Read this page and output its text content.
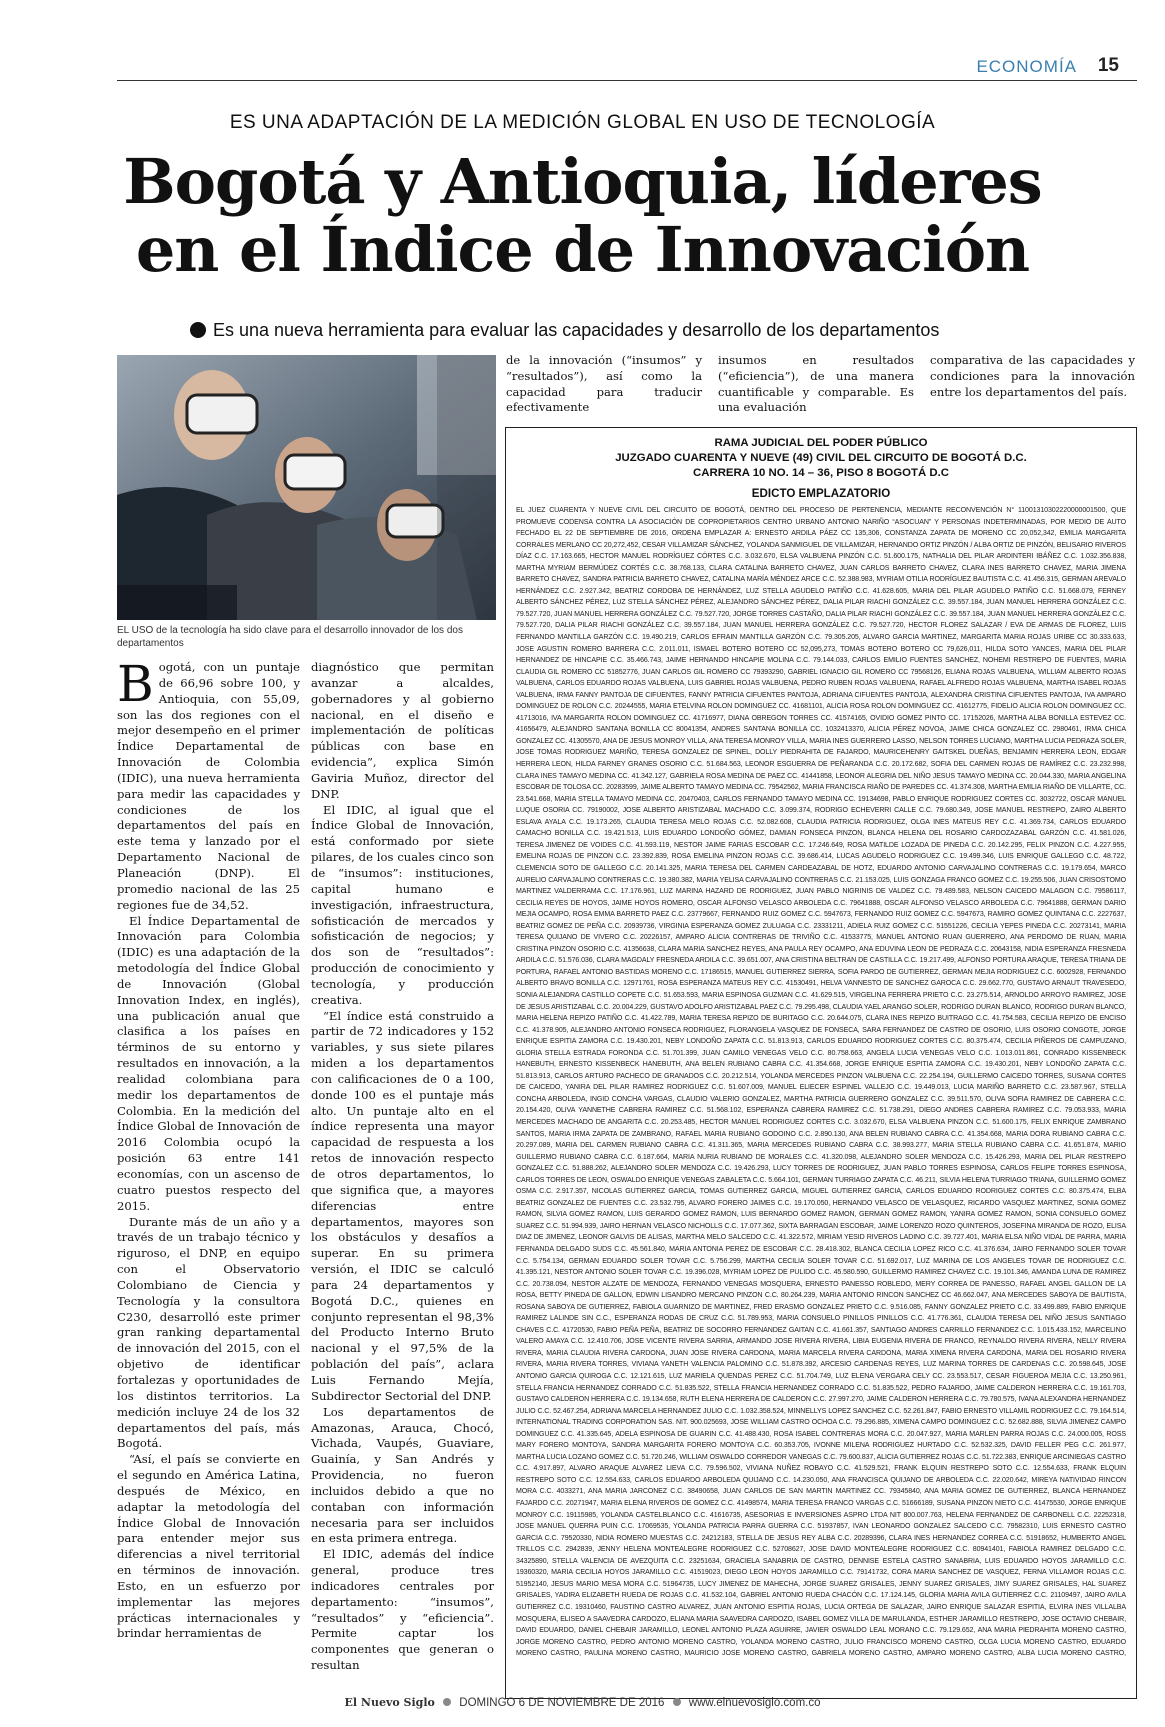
ECONOMÍA 15
ES UNA ADAPTACIÓN DE LA MEDICIÓN GLOBAL EN USO DE TECNOLOGÍA
Bogotá y Antioquia, líderes
en el Índice de Innovación
Es una nueva herramienta para evaluar las capacidades y desarrollo de los departamentos
EL USO de la tecnología ha sido clave para el desarrollo innovador de los dos departamentos
de la innovación (“insumos” y “resultados”), así como la capacidad para traducir efectivamente
insumos en resultados (“eficiencia”), de una manera cuantificable y comparable. Es una evaluación
comparativa de las capacidades y condiciones para la innovación entre los departamentos del país.

Bogotá, con un puntaje de 66,96 sobre 100, y Antioquia, con 55,09, son las dos regiones con el mejor desempeño en el primer Índice Departamental de Innovación de Colombia (IDIC), una nueva herramienta para medir las capacidades y condiciones de los departamentos del país en este tema y lanzado por el Departamento Nacional de Planeación (DNP). El promedio nacional de las 25 regiones fue de 34,52.

El Índice Departamental de Innovación para Colombia (IDIC) es una adaptación de la metodología del Índice Global de Innovación (Global Innovation Index, en inglés), una publicación anual que clasifica a los países en términos de su entorno y resultados en innovación, a la realidad colombiana para medir los departamentos de Colombia. En la medición del Índice Global de Innovación de 2016 Colombia ocupó la posición 63 entre 141 economías, con un ascenso de cuatro puestos respecto del 2015.

Durante más de un año y a través de un trabajo técnico y riguroso, el DNP, en equipo con el Observatorio Colombiano de Ciencia y Tecnología y la consultora C230, desarrolló este primer gran ranking departamental de innovación del 2015, con el objetivo de identificar fortalezas y oportunidades de los distintos territorios. La medición incluye 24 de los 32 departamentos del país, más Bogotá.

“Así, el país se convierte en el segundo en América Latina, después de México, en adaptar la metodología del Índice Global de Innovación para entender mejor sus diferencias a nivel territorial en términos de innovación. Esto, en un esfuerzo por implementar las mejores prácticas internacionales y brindar herramientas de

diagnóstico que permitan avanzar a alcaldes, gobernadores y al gobierno nacional, en el diseño e implementación de políticas públicas con base en evidencia”, explica Simón Gaviria Muñoz, director del DNP.

El IDIC, al igual que el Índice Global de Innovación, está conformado por siete pilares, de los cuales cinco son de “insumos”: instituciones, capital humano e investigación, infraestructura, sofisticación de mercados y sofisticación de negocios; y dos son de “resultados”: producción de conocimiento y tecnología, y producción creativa.

“El índice está construido a partir de 72 indicadores y 152 variables, y sus siete pilares miden a los departamentos con calificaciones de 0 a 100, donde 100 es el puntaje más alto. Un puntaje alto en el índice representa una mayor capacidad de respuesta a los retos de innovación respecto de otros departamentos, lo que significa que, a mayores diferencias entre departamentos, mayores son los obstáculos y desafíos a superar. En su primera versión, el IDIC se calculó para 24 departamentos y Bogotá D.C., quienes en conjunto representan el 98,3% del Producto Interno Bruto nacional y el 97,5% de la población del país”, aclara Luis Fernando Mejía, Subdirector Sectorial del DNP.

Los departamentos de Amazonas, Arauca, Chocó, Vichada, Vaupés, Guaviare, Guainía, y San Andrés y Providencia, no fueron incluidos debido a que no contaban con información necesaria para ser incluidos en esta primera entrega.

El IDIC, además del índice general, produce tres indicadores centrales por departamento: “insumos”, “resultados” y “eficiencia”. Permite captar los componentes que generan o resultan

RAMA JUDICIAL DEL PODER PÚBLICO
JUZGADO CUARENTA Y NUEVE (49) CIVIL DEL CIRCUITO DE BOGOTÁ D.C.
CARRERA 10 NO. 14 – 36, PISO 8 BOGOTÁ D.C
EDICTO EMPLAZATORIO
EL JUEZ CUARENTA Y NUEVE CIVIL DEL CIRCUITO DE BOGOTÁ, DENTRO DEL PROCESO DE PERTENENCIA, MEDIANTE RECONVENCIÓN N° 11001310302220000001500, QUE PROMUEVE CODENSA CONTRA LA ASOCIACIÓN DE COPROPIETARIOS CENTRO URBANO ANTONIO NARIÑO “ASOCUAN” Y PERSONAS INDETERMINADAS, POR MEDIO DE AUTO FECHADO EL 22 DE SEPTIEMBRE DE 2016, ORDENA EMPLAZAR A: ERNESTO ARDILA PÁEZ CC 135,306, CONSTANZA ZAPATA DE MORENO CC 20,052,342, EMILIA MARGARITA CORRALES MERLANO CC 20,272,452, CESAR VILLAMIZAR SÁNCHEZ, YOLANDA SANMIGUEL DE VILLAMIZAR, HERNANDO ORTIZ PINZÓN / ALBA ORTIZ DE PINZÓN, BELISARIO RIVEROS DÍAZ C.C. 17.163.665, HECTOR MANUEL RODRÍGUEZ CÓRTES C.C. 3.032.670, ELSA VALBUENA PINZÓN C.C. 51.600.175, NATHALIA DEL PILAR ARDINTERI IBÁÑEZ C.C. 1.032.356.838, MARTHA MYRIAM BERMÚDEZ CORTÉS C.C. 38.768.133, CLARA CATALINA BARRETO CHAVEZ, JUAN CARLOS BARRETO CHAVEZ, CLARA INES BARRETO CHAVEZ, MARIA JIMENA BARRETO CHAVEZ, SANDRA PATRICIA BARRETO CHAVEZ, CATALINA MARÍA MÉNDEZ ARCE C.C. 52.388.983, MYRIAM OTILIA RODRÍGUEZ BAUTISTA C.C. 41.456.315, GERMAN AREVALO HERNÁNDEZ C.C. 2.927.342, BEATRIZ CORDOBA DE HERNÁNDEZ, LUZ STELLA AGUDELO PATIÑO C.C. 41.628.605, MARIA DEL PILAR AGUDELO PATIÑO C.C. 51.668.079, FERNEY ALBERTO SÁNCHEZ PÉREZ, LUZ STELLA SÁNCHEZ PÉREZ, ALEJANDRO SÁNCHEZ PÉREZ, DALIA PILAR RIACHI GONZÁLEZ C.C. 39.557.184, JUAN MANUEL HERRERA GONZÁLEZ C.C. 79.527.720, JUAN MANUEL HERRERA GONZÁLEZ C.C. 79.527.720, JORGE TORRES CASTAÑO, DALIA PILAR RIACHI GONZÁLEZ C.C. 39.557.184, JUAN MANUEL HERRERA GONZÁLEZ C.C. 79.527.720, DALIA PILAR RIACHI GONZÁLEZ C.C. 39.557.184, JUAN MANUEL HERRERA GONZÁLEZ C.C. 79.527.720, HECTOR FLOREZ SALAZAR / EVA DE ARMAS DE FLOREZ, LUIS FERNANDO MANTILLA GARZÓN C.C. 19.490.219, CARLOS EFRAIN MANTILLA GARZÓN C.C. 79.305.205, ALVARO GARCIA MARTINEZ, MARGARITA MARIA ROJAS URIBE CC 30.333.633, JOSE AGUSTIN ROMERO BARRERA C.C. 2.011.011, ISMAEL BOTERO BOTERO CC 52,095,273, TOMAS BOTERO BOTERO CC 79,626,011, HILDA SOTO YANCES, MARIA DEL PILAR HERNANDEZ DE HINCAPIE C.C. 35.466.743, JAIME HERNANDO HINCAPIE MOLINA C.C. 79.144.033, CARLOS EMILIO FUENTES SANCHEZ, NOHEMI RESTREPO DE FUENTES, MARIA CLAUDIA GIL ROMERO CC 51852776, JUAN CARLOS GIL ROMERO CC 79393290, GABRIEL IGNACIO GIL ROMERO CC 79568126, ELIANA ROJAS VALBUENA, WILLIAM ALBERTO ROJAS VALBUENA, CARLOS EDUARDO ROJAS VALBUENA, LUIS GABRIEL ROJAS VALBUENA, PEDRO RUBEN ROJAS VALBUENA, RAFAEL ALFREDO ROJAS VALBUENA, MARTHA ISABEL ROJAS VALBUENA, IRMA FANNY PANTOJA DE CIFUENTES, FANNY PATRICIA CIFUENTES PANTOJA, ADRIANA CIFUENTES PANTOJA, ALEXANDRA CRISTINA CIFUENTES PANTOJA, IVA AMPARO DOMINGUEZ DE ROLON C.C. 20244555, MARIA ETELVINA ROLON DOMINGUEZ CC. 41681101, ALICIA ROSA ROLON DOMINGUEZ CC. 41612775, FIDELIO ALICIA ROLON DOMINGUEZ CC. 41713016, IVA MARGARITA ROLON DOMINGUEZ CC. 41716977, DIANA OBREGON TORRES CC. 41574165, OVIDIO GOMEZ PINTO CC. 17152026, MARTHA ALBA BONILLA ESTEVEZ CC. 41656479, ALEJANDRO SANTANA BONILLA CC 80041354, ANDRES SANTANA BONILLA CC. 1032413370, ALICIA PÉREZ NOVOA, JAIME CHICA GONZALEZ CC. 2980461, IRMA CHICA GONZALEZ CC. 41305570, ANA DE JESUS MONROY VILLA, ANA TERESA MONROY VILLA, MARIA INES GUERRERO LASSO, NELSON TORRES LUCIANO, MARTHA LUCIA PEDRAZA SOLER, JOSE TOMAS RODRIGUEZ MARIÑO, TERESA GONZALEZ DE SPINEL, DOLLY PIEDRAHITA DE FAJARDO, MAURICEHENRY GAITSKEL DUEÑAS, BENJAMIN HERRERA LEON, EDGAR HERRERA LEON, HILDA FARNEY GRANES OSORIO C.C. 51.684.563, LEONOR ESGUERRA DE PEÑARANDA C.C. 20.172.682, SOFIA DEL CARMEN ROJAS DE RAMÍREZ C.C. 23.232.998, CLARA INES TAMAYO MEDINA CC. 41.342.127, GABRIELA ROSA MEDINA DE PAEZ CC. 41441858, LEONOR ALEGRIA DEL NIÑO JESUS TAMAYO MEDINA CC. 20.044.330, MARIA ANGELINA ESCOBAR DE TOLOSA CC. 20283599, JAIME ALBERTO TAMAYO MEDINA CC. 79542562, MARIA FRANCISCA RIAÑO DE PAREDES CC. 41.374.308, MARTHA EMILIA RIAÑO DE VILLARTE, CC. 23.541.668, MARIA STELLA TAMAYO MEDINA CC. 20470403, CARLOS FERNANDO TAMAYO MEDINA CC. 19134698, PABLO ENRIQUE RODRIGUEZ CORTES CC. 3032722, OSCAR MANUEL LUQUE OSORIA CC. 79190002, JOSE ALBERTO ARISTIZABAL MACHADO C.C. 3.099.374, RODRIGO ECHEVERRI CALLE C.C. 79.680.349, JOSE MANUEL RESTREPO, ZAIRO ALBERTO ESLAVA AYALA C.C. 19.173.265, CLAUDIA TERESA MELO ROJAS C.C. 52.082.608, CLAUDIA PATRICIA RODRIGUEZ, OLGA INES MATEUS REY C.C. 41.369.734, CARLOS EDUARDO CAMACHO BONILLA C.C. 19.421.513, LUIS EDUARDO LONDOÑO GÓMEZ, DAMIAN FONSECA PINZON, BLANCA HELENA DEL ROSARIO CARDOZAZABAL GARZÓN C.C. 41.581.026, TERESA JIMENEZ DE VOIDES C.C. 41.593.119, NESTOR JAIME FARIAS ESCOBAR C.C. 17.246.649, ROSA MATILDE LOZADA DE PINEDA C.C. 20.142.295, FELIX PINZON C.C. 4.227.955, EMELINA ROJAS DE PINZON C.C. 23.392.839, ROSA EMELINA PINZON ROJAS C.C. 39.686.414, LUCAS AGUDELO RODRIGUEZ C.C. 19.499.346, LUIS ENRIQUE GALLEGO C.C. 48.722, CLEMENCIA SOTO DE GALLEGO C.C. 20.141.325, MARIA TERESA DEL CARMEN CARDEAZABAL DE HOTZ, EDUARDO ANTONIO CARVAJALINO CONTRERAS C.C. 19.179.654, MARCO AURELIO CARVAJALINO CONTRERAS C.C. 19.380.382, MARIA YELISA CARVAJALINO CONTRERAS C.C. 21.153.025, LUIS GONZAGA FRANCO GOMEZ C.C. 19.255.506, JUAN CRISOSTOMO MARTINEZ VALDERRAMA C.C. 17.176.961, LUZ MARINA HAZARD DE RODRIGUEZ, JUAN PABLO NIGRINIS DE VALDEZ C.C. 79.489.583, NELSON CAICEDO MALAGON C.C. 79586117, CECILIA REYES DE HOYOS, JAIME HOYOS ROMERO, OSCAR ALFONSO VELASCO ARBOLEDA C.C. 79641888, OSCAR ALFONSO VELASCO ARBOLEDA C.C. 79641888, GERMAN DARIO MEJIA OCAMPO, ROSA EMMA BARRETO PAEZ C.C. 23779667, FERNANDO RUIZ GOMEZ C.C. 5947673, FERNANDO RUIZ GOMEZ C.C. 5947673, RAMIRO GOMEZ QUINTANA C.C. 2227637, BEATRIZ GOMEZ DE PEÑA C.C. 20939736, VIRGINIA ESPERANZA GOMEZ ZULUAGA C.C. 23331211, ADIELA RUIZ GOMEZ C.C. 51551226, CECILIA YEPES PINEDA C.C. 20273141, MARIA TERESA QUIJANO DE VIVERO C.C. 20226157, AMPARO ALICIA CONTRERAS DE TRIVIÑO C.C. 41533775, MANUEL ANTONIO RUAN GUERRERO, ANA PERDOMO DE RUAN, MARIA CRISTINA PINZON OSORIO C.C. 41356638, CLARA MARIA SANCHEZ REYES, ANA PAULA REY OCAMPO, ANA EDUVINA LEON DE PEDRAZA C.C. 20643158, NIDIA ESPERANZA FRESNEDA ARDILA C.C. 51.576.036, CLARA MAGDALY FRESNEDA ARDILA C.C. 39.651.007, ANA CRISTINA BELTRAN DE CASTILLA C.C. 19.217.499, ALFONSO PORTURA ARAQUE, TERESA TRIANA DE PORTURA, RAFAEL ANTONIO BASTIDAS MORENO C.C. 17186515, MANUEL GUTIERREZ SIERRA, SOFIA PARDO DE GUTIERREZ, GERMAN MEJIA RODRIGUEZ C.C. 6002928, FERNANDO ALBERTO BRAVO BONILLA C.C. 12971761, ROSA ESPERANZA MATEUS REY C.C. 41530491, HELVA VANNESTO DE SANCHEZ GAROCA C.C. 29.662.770, GUSTAVO ARNAUT TRAVESEDO, SONIA ALEJANDRA CASTILLO COPETE C.C. 51.653.593, MARIA ESPINOSA GUZMAN C.C. 41.629.515, VIRGELINA FERRERA PRIETO C.C. 23.275.514, ARNOLDO ARROYO RAMIREZ, JOSE DE JESUS ARISTIZABAL C.C. 20.004.229, GUSTAVO ADOLFO ARISTIZABAL PAEZ C.C. 79.295.498, CLAUDIA YAEL ARANGO SOLER, RODRIGO DURAN BLANCO, RODRIGO DURAN BLANCO, MARIA HELENA REPIZO PATIÑO C.C. 41.422.789, MARIA TERESA REPIZO DE BURITAGO C.C. 20.644.075, CLARA INES REPIZO BUITRAGO C.C. 41.754.583, CECILIA REPIZO DE ENCISO C.C. 41.378.905, ALEJANDRO ANTONIO FONSECA RODRIGUEZ, FLORANGELA VASQUEZ DE FONSECA, SARA FERNANDEZ DE CASTRO DE OSORIO, LUIS OSORIO CONGOTE, JORGE ENRIQUE ESPITIA ZAMORA C.C. 19.430.201, NEBY LONDOÑO ZAPATA C.C. 51.813.913, CARLOS EDUARDO RODRIGUEZ CORTES C.C. 80.375.474, CECILIA PIÑEROS DE CAMPUZANO, GLORIA STELLA ESTRADA FORONDA C.C. 51.701.399, JUAN CAMILO VENEGAS VELO C.C. 80.758.663, ANGELA LUCIA VENEGAS VELO C.C. 1.013.011.861, CONRADO KISSENBECK HANEBUTH, ERNESTO KISSENBECK HANEBUTH, ANA BELEN RUBIANO CABRA C.C. 41.354.668, JORGE ENRIQUE ESPITIA ZAMORA C.C. 19.430.201, NEBY LONDOÑO ZAPATA C.C. 51.813.913, CARLOS ARTURO PACHECO DE GRANADOS C.C. 20.212.514, YOLANDA MERCEDES PINZON VALBUENA C.C. 22.254.194, GUILLERMO CAICEDO TORRES, SUSANA CORTES DE CAICEDO, YANIRA DEL PILAR RAMIREZ RODRIGUEZ C.C. 51.607.009, MANUEL ELIECER ESPINEL VALLEJO C.C. 19.449.013, LUCIA MARIÑO BARRETO C.C. 23.587.967, STELLA CONCHA ARBOLEDA, INGID CONCHA VARGAS, CLAUDIO VALERIO GONZALEZ, MARTHA PATRICIA GUERRERO GONZALEZ C.C. 39.511.570, OLIVA SOFIA RAMIREZ DE CABRERA C.C. 20.154.420, OLIVA YANNETHE CABRERA RAMIREZ C.C. 51.568.102, ESPERANZA CABRERA RAMIREZ C.C. 51.738.291, DIEGO ANDRES CABRERA RAMIREZ C.C. 79.053.933, MARIA MERCEDES MACHADO DE ANGARITA C.C. 20.253.485, HECTOR MANUEL RODRIGUEZ CORTES C.C. 3.032.670, ELSA VALBUENA PINZON C.C. 51.600.175, FELIX ENRIQUE ZAMBRANO SANTOS, MARIA IRMA ZAPATA DE ZAMBRANO, RAFAEL MARIA RUBIANO GODOINO C.C. 2.890.130, ANA BELEN RUBIANO CABRA C.C. 41.354.668, MARIA DORA RUBIANO CABRA C.C. 20.297.089, MARIA DEL CARMEN RUBIANO CABRA C.C. 41.311.365, MARIA MERCEDES RUBIANO CABRA C.C. 38.993.277, MARIA STELLA RUBIANO CABRA C.C. 41.651.874, MARIO GUILLERMO RUBIANO CABRA C.C. 6.187.664, MARIA NURIA RUBIANO DE MORALES C.C. 41.320.098, ALEJANDRO SOLER MENDOZA C.C. 15.426.293, MARIA DEL PILAR RESTREPO GONZALEZ C.C. 51.888.262, ALEJANDRO SOLER MENDOZA C.C. 19.426.293, LUCY TORRES DE RODRIGUEZ, JUAN PABLO TORRES ESPINOSA, CARLOS FELIPE TORRES ESPINOSA, CARLOS TORRES DE LEON, OSWALDO ENRIQUE VENEGAS ZABALETA C.C. 5.664.101, GERMAN TURRIAGO ZAPATA C.C. 46.211, SILVIA HELENA TURRIAGO TRIANA, GUILLERMO GOMEZ OSMA C.C. 2.917.357, NICOLAS GUTIERREZ GARCIA, TOMAS GUTIERREZ GARCIA, MIGUEL GUTIERREZ GARCIA, CARLOS EDUARDO RODRIGUEZ CORTES C.C. 80.375.474, ELBA BEATRIZ GONZALEZ DE FUENTES C.C. 23.532.795, ALVARO FORERO JAIMES C.C. 19.170.050, HERNANDO VELASCO DE VELASQUEZ, RICARDO VASQUEZ MARTINEZ, SONIA GOMEZ RAMON, SILVIA GOMEZ RAMON, LUIS GERARDO GOMEZ RAMON, LUIS BERNARDO GOMEZ RAMON, GERMAN GOMEZ RAMON, YANIRA GOMEZ RAMON, SONIA CONSUELO GOMEZ SUAREZ C.C. 51.994.939, JAIRO HERNAN VELASCO NICHOLLS C.C. 17.077.362, SIXTA BARRAGAN ESCOBAR, JAIME LORENZO ROZO QUINTEROS, JOSEFINA MIRANDA DE ROZO, ELISA DIAZ DE JIMENEZ, LEONOR GALVIS DE ALISAS, MARTHA MELO SALCEDO C.C. 41.322.572, MIRIAM YESID RIVEROS LADINO C.C. 39.727.401, MARIA ELSA NIÑO VIDAL DE PARRA, MARIA FERNANDA DELGADO SUDS C.C. 45.561.840, MARIA ANTONIA PEREZ DE ESCOBAR C.C. 28.418.302, BLANCA CECILIA LOPEZ RICO C.C. 41.376.634, JAIRO FERNANDO SOLER TOVAR C.C. 5.754.134, GERMAN EDUARDO SOLER TOVAR C.C. 5.756.299, MARTHA CECILIA SOLER TOVAR C.C. 51.692.017, LUZ MARINA DE LOS ANGELES TOVAR DE RODRIGUEZ C.C. 41.395.121, NESTOR ANTONIO SOLER TOVAR C.C. 19.396.028, MYRIAM LOPEZ DE PULIDO C.C. 45.580.590, GUILLERMO RAMIREZ CHAVEZ C.C. 19.101.346, AMANDA LUNA DE RAMIREZ C.C. 20.738.094, NESTOR ALZATE DE MENDOZA, FERNANDO VENEGAS MOSQUERA, ERNESTO PANESSO ROBLEDO, MERY CORREA DE PANESSO, RAFAEL ANGEL GALLON DE LA ROSA, BETTY PINEDA DE GALLON, EDWIN LISANDRO MERCANO PINZON C.C. 80.264.239, MARIA ANTONIO RINCON SANCHEZ CC 46.662.047, ANA MERCEDES SABOYA DE BAUTISTA, ROSANA SABOYA DE GUTIERREZ, FABIOLA GUARNIZO DE MARTINEZ, FRED ERASMO GONZALEZ PRIETO C.C. 9.516.085, FANNY GONZALEZ PRIETO C.C. 33.499.889, FABIO ENRIQUE RAMIREZ LALINDE SIN C.C., ESPERANZA RODAS DE CRUZ C.C. 51.789.953, MARIA CONSUELO PINILLOS PINILLOS C.C. 41.776.361, CLAUDIA TERESA DEL NIÑO JESUS SANTIAGO CHAVES C.C. 41720530, FABIO PEÑA PEÑA, BEATRIZ DE SOCORRO FERNANDEZ GAITAN C.C. 41.661.357, SANTIAGO ANDRES CARRILLO FERNANDEZ C.C. 1.015.433.152, MARCELINO VALERO AMAYA C.C. 12.410.706, JOSE VICENTE RIVERA SARRIA, ARMANDO JOSE RIVERA RIVERA, LIBIA EUGENIA RIVERA DE FRANCO, REYNALDO RIVERA RIVERA, NELLY RIVERA RIVERA, MARIA CLAUDIA RIVERA CARDONA, JUAN JOSE RIVERA CARDONA, MARIA MARCELA RIVERA CARDONA, MARIA XIMENA RIVERA CARDONA, MARIA DEL ROSARIO RIVERA RIVERA, MARIA RIVERA TORRES, VIVIANA YANETH VALENCIA PALOMINO C.C. 51.878.392, ARCESIO CARDENAS REYES, LUZ MARINA TORRES DE CARDENAS C.C. 20.598.645, JOSE ANTONIO GARCIA QUIROGA C.C. 12.121.615, LUZ MARIELA QUENDAS PEREZ C.C. 51.704.749, LUZ ELENA VERGARA CELY CC. 23.553.517, CESAR FIGUEROA MEJIA C.C. 13.250.961, STELLA FRANCIA HERNANDEZ CORRADO C.C. 51.835.522, STELLA FRANCIA HERNANDEZ CORRADO C.C. 51.835.522, PEDRO FAJARDO, JAIME CALDERON HERRERA C.C. 19.161.703, GUSTAVO CALDERON HERRERA C.C. 19.134.658, RUTH ELENA HERRERA DE CALDERON C.C. 27.997.270, JAIME CALDERON HERRERA C.C. 79.780.575, IVANA ALEXANDRA HERNANDEZ JULIO C.C. 52.467.254, ADRIANA MARCELA HERNANDEZ JULIO C.C. 1.032.358.524, MINNELLYS LOPEZ SANCHEZ C.C. 52.261.847, FABIO ERNESTO VILLAMIL RODRIGUEZ C.C. 79.164.514, INTERNATIONAL TRADING CORPORATION SAS. NIT. 900.025693, JOSE WILLIAM CASTRO OCHOA C.C. 79.296.885, XIMENA CAMPO DOMINGUEZ C.C. 52.682.888, SILVIA JIMENEZ CAMPO DOMINGUEZ C.C. 41.335.645, ADELA ESPINOSA DE GUARIN C.C. 41.488.430, ROSA ISABEL CONTRERAS MORA C.C. 20.047.927, MARIA MARLEN PARRA ROJAS C.C. 24.000.005, ROSS MARY FORERO MONTOYA, SANDRA MARGARITA FORERO MONTOYA C.C. 60.353.705, IVONNE MILENA RODRIGUEZ HURTADO C.C. 52.532.325, DAVID FELLER PEG C.C. 261.977, MARTHA LUCIA LOZANO GOMEZ C.C. 51.720.246, WILLIAM OSWALDO CORREDOR VANEGAS C.C. 79.600.837, ALICIA GUTIERREZ ROJAS C.C. 51.722.383, ENRIQUE ARCINIEGAS CASTRO C.C. 4.917.897, ALVARO ARAQUE ALVAREZ LIEVA C.C. 79.596.502, VIVIANA NUÑEZ ROBAYO C.C. 41.529.521, FRANK ELQUIN RESTREPO SOTO C.C. 12.554.633, FRANK ELQUIN RESTREPO SOTO C.C. 12.554.633, CARLOS EDUARDO ARBOLEDA QUIJANO C.C. 14.230.050, ANA FRANCISCA QUIJANO DE ARBOLEDA C.C. 22.020.642, MIREYA NATIVIDAD RINCON MORA C.C. 4033271, ANA MARIA JARCONEZ C.C. 38490658, JUAN CARLOS DE SAN MARTIN MARTINEZ CC. 79345840, ANA MARIA GOMEZ DE GUTIERREZ, BLANCA HERNANDEZ FAJARDO C.C. 20271947, MARIA ELENA RIVEROS DE GOMEZ C.C. 41498574, MARIA TERESA FRANCO VARGAS C.C. 51666189, SUSANA PINZON NIETO C.C. 41475530, JORGE ENRIQUE MONROY C.C. 19115985, YOLANDA CASTELBLANCO C.C. 41616735, ASESORIAS E INVERSIONES ASPRO LTDA NIT 800.007.763, HELENA FERNANDEZ DE CARBONELL C.C. 22252318, JOSE MANUEL QUERRA PUIN C.C. 17069535, YOLANDA PATRICIA PARRA GUERRA C.C. 51937857, IVAN LEONARDO GONZALEZ SALCEDO C.C. 79582310, LUIS ERNESTO CASTRO GARCIA C.C. 79520330, NIDIA ROMERO MUESTAS C.C. 24212183, STELLA DE JESUS REY ALBA C.C. 20289396, CLARA INES HERNANDEZ CORREA C.C. 51918652, HUMBERTO ANGEL TRILLOS C.C. 2942839, JENNY HELENA MONTEALEGRE RODRIGUEZ C.C. 52708627, JOSE DAVID MONTEALEGRE RODRIGUEZ C.C. 80941401, FABIOLA RAMIREZ DELGADO C.C. 34325890, STELLA VALENCIA DE AVEZQUITA C.C. 23251634, GRACIELA SANABRIA DE CASTRO, DENNISE ESTELA CASTRO SANABRIA, LUIS EDUARDO HOYOS JARAMILLO C.C. 19360320, MARIA CECILIA HOYOS JARAMILLO C.C. 41519023, DIEGO LEON HOYOS JARAMILLO C.C. 79141732, CORA MARIA SANCHEZ DE VASQUEZ, FERNA VILLAMOR ROJAS C.C. 51952140, JESUS MARIO MESA MORA C.C. 51964735, LUCY JIMENEZ DE MAHECHA, JORGE SUAREZ GRISALES, JENNY SUAREZ GRISALES, JIMY SUAREZ GRISALES, HAL SUAREZ GRISALES, YADIRA ELIZABETH RUEDA DE ROJAS C.C. 41.532.104, GABRIEL ANTONIO RUEDA CHACÓN C.C. 17.124.145, GLORIA MARIA AVILA GUTIERREZ C.C. 21109497, JAIRO AVILA GUTIERREZ C.C. 19310460, FAUSTINO CASTRO ALVAREZ, JUAN ANTONIO ESPITIA ROJAS, LUCIA ORTEGA DE SALAZAR, JAIRO ENRIQUE SALAZAR ESPITIA, ELVIRA INES VILLALBA MOSQUERA, ELISEO A SAAVEDRA CARDOZO, ELIANA MARIA SAAVEDRA CARDOZO, ISABEL GOMEZ VILLA DE MARULANDA, ESTHER JARAMILLO RESTREPO, JOSE OCTAVIO CHEBAIR, DAVID EDUARDO, DANIEL CHEBAIR JARAMILLO, LEONEL ANTONIO PLAZA AGUIRRE, JAVIER OSWALDO LEAL MORANO C.C. 79.129.652, ANA MARIA PIEDRAHITA MORENO CASTRO, JORGE MORENO CASTRO, PEDRO ANTONIO MORENO CASTRO, YOLANDA MORENO CASTRO, JULIO FRANCISCO MORENO CASTRO, OLGA LUCIA MORENO CASTRO, EDUARDO MORENO CASTRO, PAULINA MORENO CASTRO, MAURICIO JOSE MORENO CASTRO, GABRIELA MORENO CASTRO, AMPARO MORENO CASTRO, ALBA LUCIA MORENO CASTRO,
El Nuevo Siglo DOMINGO 6 DE NOVIEMBRE DE 2016 www.elnuevosiglo.com.co
